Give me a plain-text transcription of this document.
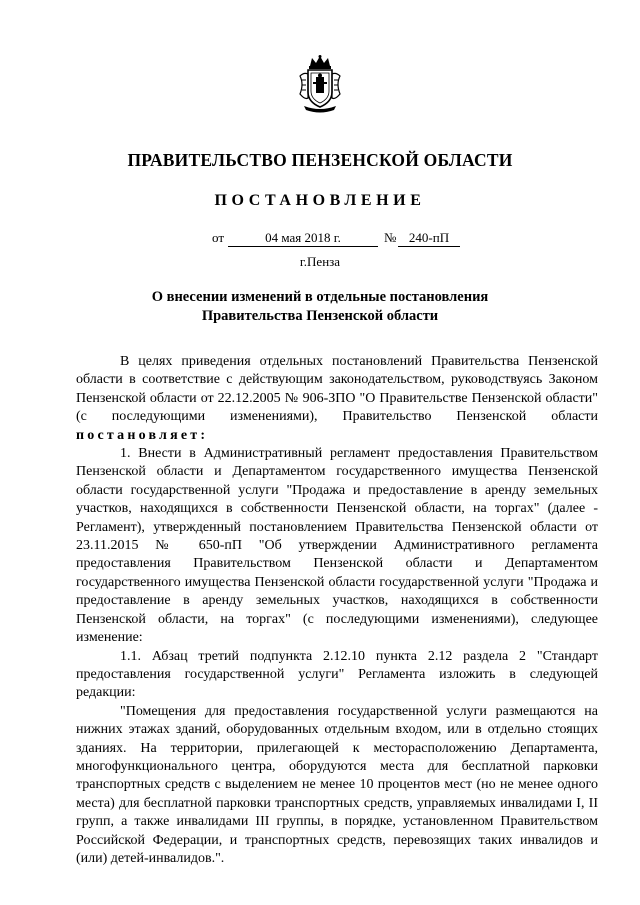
ПРАВИТЕЛЬСТВО ПЕНЗЕНСКОЙ ОБЛАСТИ
ПОСТАНОВЛЕНИЕ
от	04 мая 2018 г.	№ 240-пП
г.Пенза
О внесении изменений в отдельные постановления
Правительства Пензенской области

В целях приведения отдельных постановлений Правительства Пензенской области в соответствие с действующим законодательством, руководствуясь Законом Пензенской области от 22.12.2005 № 906-ЗПО "О Правительстве Пензенской области" (с последующими изменениями), Правительство Пензенской области постановляет:

1. Внести в Административный регламент предоставления Правительством Пензенской области и Департаментом государственного имущества Пензенской области государственной услуги "Продажа и предоставление в аренду земельных участков, находящихся в собственности Пензенской области, на торгах" (далее - Регламент), утвержденный постановлением Правительства Пензенской области от 23.11.2015 № 650-пП "Об утверждении Административного регламента предоставления Правительством Пензенской области и Департаментом государственного имущества Пензенской области государственной услуги "Продажа и предоставление в аренду земельных участков, находящихся в собственности Пензенской области, на торгах" (с последующими изменениями), следующее изменение:

1.1. Абзац третий подпункта 2.12.10 пункта 2.12 раздела 2 "Стандарт предоставления государственной услуги" Регламента изложить в следующей редакции:

"Помещения для предоставления государственной услуги размещаются на нижних этажах зданий, оборудованных отдельным входом, или в отдельно стоящих зданиях. На территории, прилегающей к месторасположению Департамента, многофункционального центра, оборудуются места для бесплатной парковки транспортных средств с выделением не менее 10 процентов мест (но не менее одного места) для бесплатной парковки транспортных средств, управляемых инвалидами I, II групп, а также инвалидами III группы, в порядке, установленном Правительством Российской Федерации, и транспортных средств, перевозящих таких инвалидов и (или) детей-инвалидов.".
